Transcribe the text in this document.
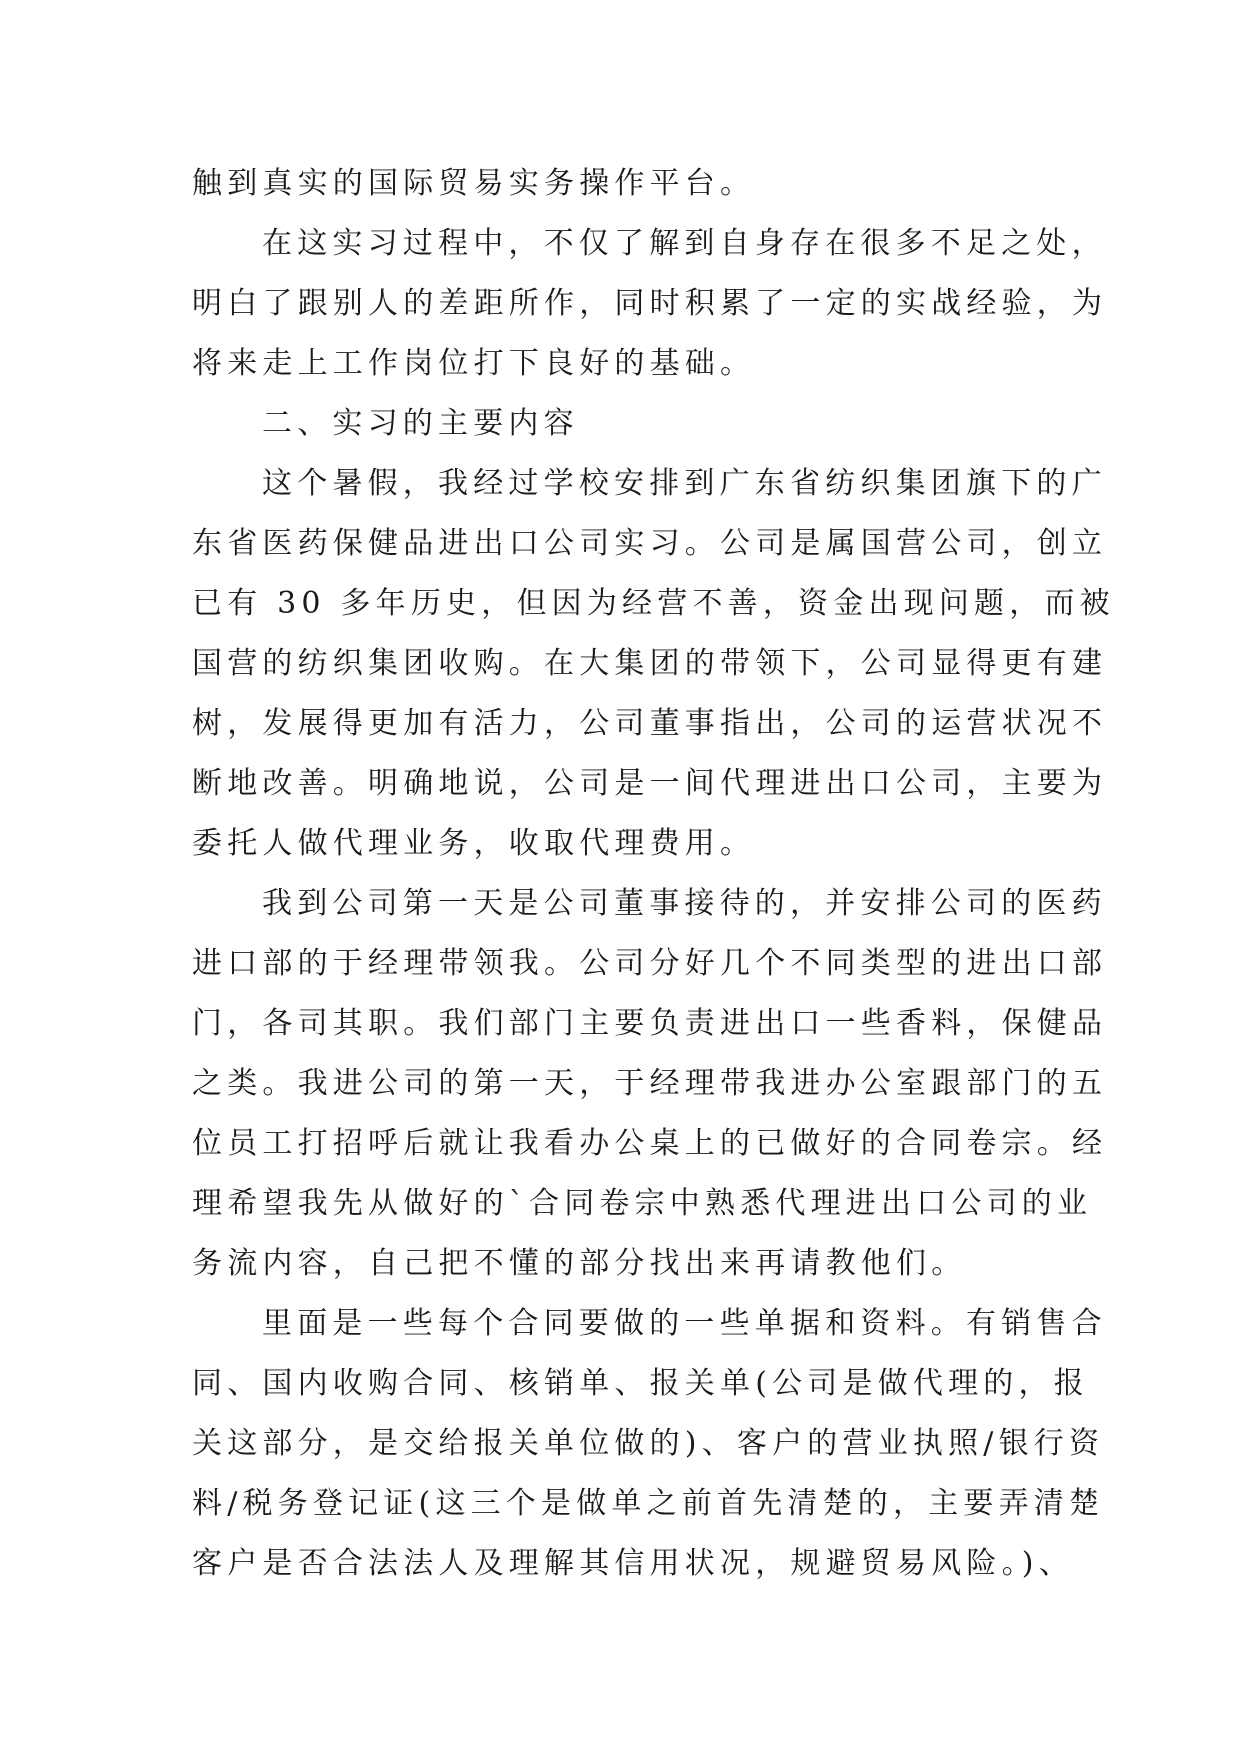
触到真实的国际贸易实务操作平台。
在这实习过程中，不仅了解到自身存在很多不足之处，
明白了跟别人的差距所作，同时积累了一定的实战经验，为
将来走上工作岗位打下良好的基础。
二、实习的主要内容
这个暑假，我经过学校安排到广东省纺织集团旗下的广
东省医药保健品进出口公司实习。公司是属国营公司，创立
已有 30 多年历史，但因为经营不善，资金出现问题，而被
国营的纺织集团收购。在大集团的带领下，公司显得更有建
树，发展得更加有活力，公司董事指出，公司的运营状况不
断地改善。明确地说，公司是一间代理进出口公司，主要为
委托人做代理业务，收取代理费用。
我到公司第一天是公司董事接待的，并安排公司的医药
进口部的于经理带领我。公司分好几个不同类型的进出口部
门，各司其职。我们部门主要负责进出口一些香料，保健品
之类。我进公司的第一天，于经理带我进办公室跟部门的五
位员工打招呼后就让我看办公桌上的已做好的合同卷宗。经
理希望我先从做好的`合同卷宗中熟悉代理进出口公司的业
务流内容，自己把不懂的部分找出来再请教他们。
里面是一些每个合同要做的一些单据和资料。有销售合
同、国内收购合同、核销单、报关单(公司是做代理的，报
关这部分，是交给报关单位做的)、客户的营业执照/银行资
料/税务登记证(这三个是做单之前首先清楚的，主要弄清楚
客户是否合法法人及理解其信用状况，规避贸易风险。)、
